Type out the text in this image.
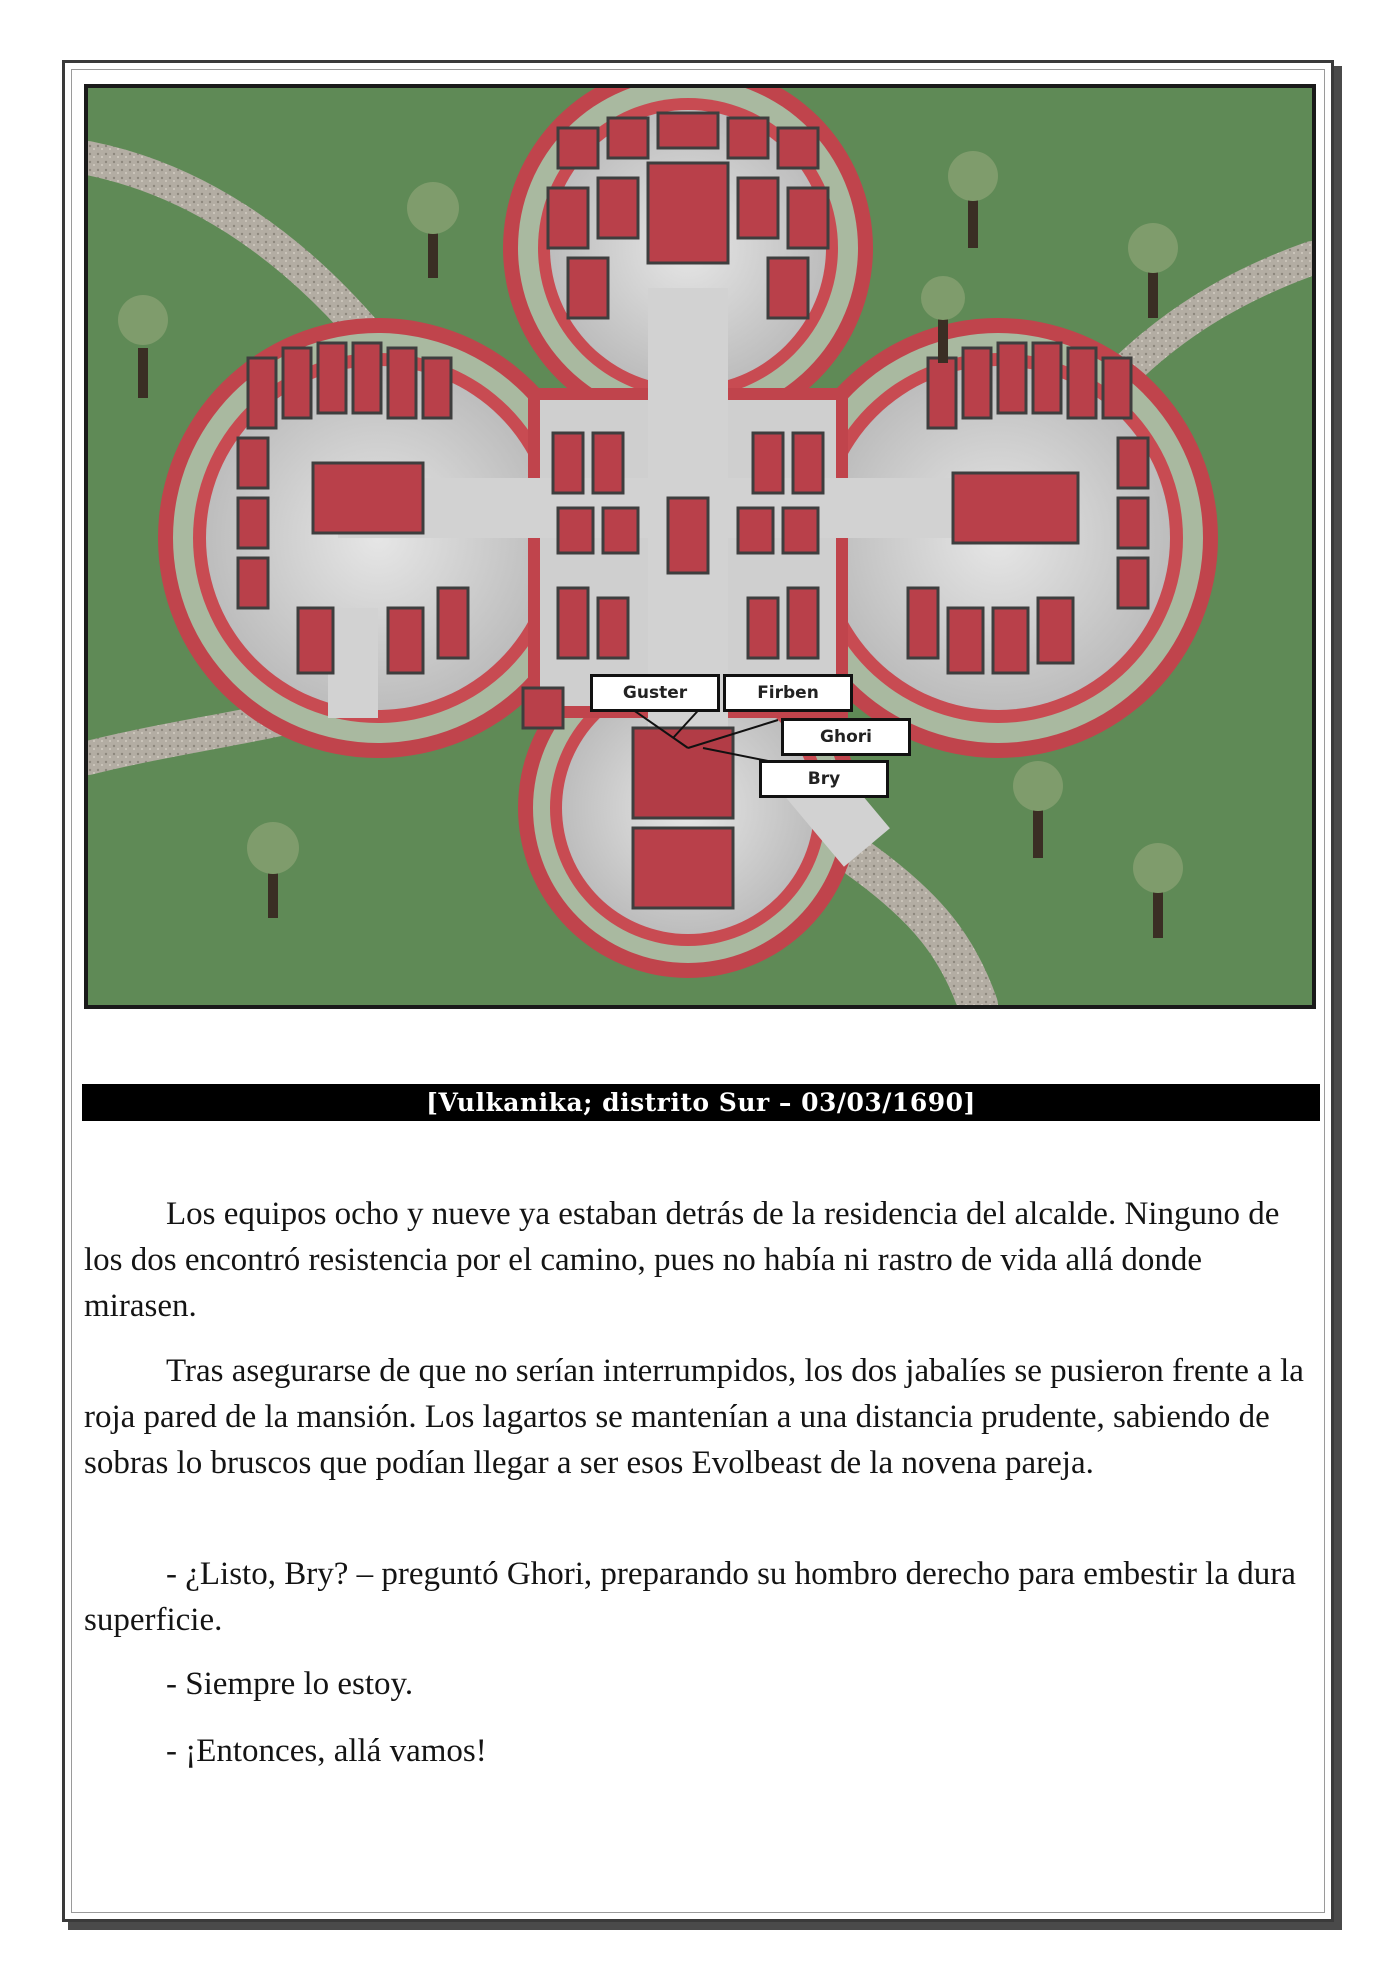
Guster	Firben
Ghori
Bry
[Vulkanika; distrito Sur – 03/03/1690]

Los equipos ocho y nueve ya estaban detrás de la residencia del alcalde. Ninguno de los dos encontró resistencia por el camino, pues no había ni rastro de vida allá donde mirasen.

Tras asegurarse de que no serían interrumpidos, los dos jabalíes se pusieron frente a la roja pared de la mansión. Los lagartos se mantenían a una distancia prudente, sabiendo de sobras lo bruscos que podían llegar a ser esos Evolbeast de la novena pareja.

- ¿Listo, Bry? – preguntó Ghori, preparando su hombro derecho para embestir la dura superficie.

- Siempre lo estoy.

- ¡Entonces, allá vamos!
